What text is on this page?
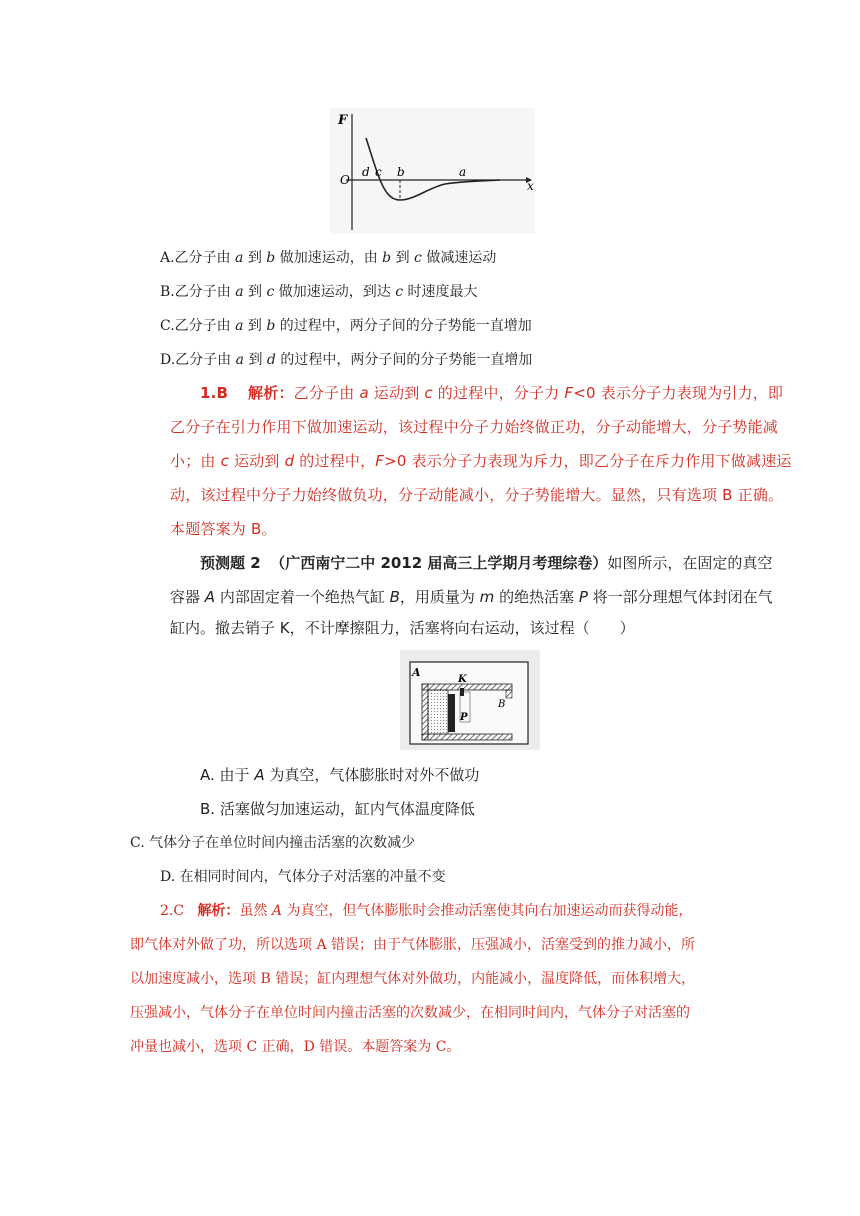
F
x
O
d c b	a
A.乙分子由 a 到 b 做加速运动，由 b 到 c 做减速运动
B.乙分子由 a 到 c 做加速运动，到达 c 时速度最大
C.乙分子由 a 到 b 的过程中，两分子间的分子势能一直增加
D.乙分子由 a 到 d 的过程中，两分子间的分子势能一直增加
1.B 解析：乙分子由 a 运动到 c 的过程中，分子力 F<0 表示分子力表现为引力，即
乙分子在引力作用下做加速运动，该过程中分子力始终做正功，分子动能增大，分子势能减
小；由 c 运动到 d 的过程中，F>0 表示分子力表现为斥力，即乙分子在斥力作用下做减速运
动，该过程中分子力始终做负功，分子动能减小，分子势能增大。显然，只有选项 B 正确。
本题答案为 B。
预测题 2 （广西南宁二中 2012 届高三上学期月考理综卷）如图所示，在固定的真空
容器 A 内部固定着一个绝热气缸 B，用质量为 m 的绝热活塞 P 将一部分理想气体封闭在气
缸内。撤去销子 K，不计摩擦阻力，活塞将向右运动，该过程（　　）
A
K
B
P
A. 由于 A 为真空，气体膨胀时对外不做功
B. 活塞做匀加速运动，缸内气体温度降低
C. 气体分子在单位时间内撞击活塞的次数减少
D. 在相同时间内，气体分子对活塞的冲量不变
2.C 解析：虽然 A 为真空，但气体膨胀时会推动活塞使其向右加速运动而获得动能，
即气体对外做了功，所以选项 A 错误；由于气体膨胀，压强减小，活塞受到的推力减小，所
以加速度减小，选项 B 错误；缸内理想气体对外做功，内能减小，温度降低，而体积增大，
压强减小，气体分子在单位时间内撞击活塞的次数减少，在相同时间内，气体分子对活塞的
冲量也减小，选项 C 正确，D 错误。本题答案为 C。
